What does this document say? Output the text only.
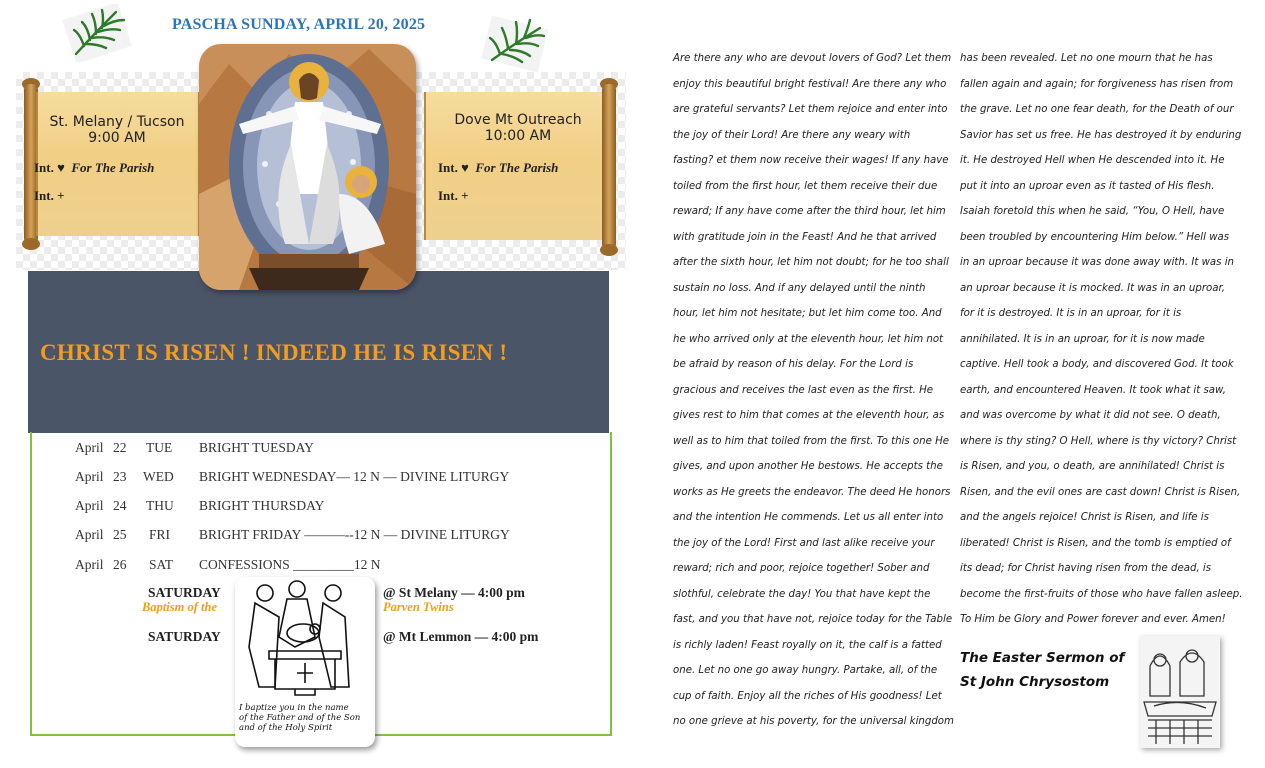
PASCHA SUNDAY, APRIL 20, 2025
St. Melany / Tucson
9:00 AM
Int. ♥ For The Parish
Int. +
Dove Mt Outreach
10:00 AM
Int. ♥ For The Parish
Int. +
CHRIST IS RISEN ! INDEED HE IS RISEN !
April 22 TUE BRIGHT TUESDAY
April 23 WED BRIGHT WEDNESDAY— 12 N — DIVINE LITURGY
April 24 THU BRIGHT THURSDAY
April 25 FRI BRIGHT FRIDAY ———--12 N — DIVINE LITURGY
April 26 SAT CONFESSIONS _________12 N
SATURDAY
Baptism of the
@ St Melany — 4:00 pm
Parven Twins
SATURDAY	@ Mt Lemmon — 4:00 pm
I baptize you in the name
of the Father and of the Son
and of the Holy Spirit
Are there any who are devout lovers of God? Let them
enjoy this beautiful bright festival! Are there any who
are grateful servants? Let them rejoice and enter into
the joy of their Lord! Are there any weary with
fasting? et them now receive their wages! If any have
toiled from the first hour, let them receive their due
reward; If any have come after the third hour, let him
with gratitude join in the Feast! And he that arrived
after the sixth hour, let him not doubt; for he too shall
sustain no loss. And if any delayed until the ninth
hour, let him not hesitate; but let him come too. And
he who arrived only at the eleventh hour, let him not
be afraid by reason of his delay. For the Lord is
gracious and receives the last even as the first. He
gives rest to him that comes at the eleventh hour, as
well as to him that toiled from the first. To this one He
gives, and upon another He bestows. He accepts the
works as He greets the endeavor. The deed He honors
and the intention He commends. Let us all enter into
the joy of the Lord! First and last alike receive your
reward; rich and poor, rejoice together! Sober and
slothful, celebrate the day! You that have kept the
fast, and you that have not, rejoice today for the Table
is richly laden! Feast royally on it, the calf is a fatted
one. Let no one go away hungry. Partake, all, of the
cup of faith. Enjoy all the riches of His goodness! Let
no one grieve at his poverty, for the universal kingdom
has been revealed. Let no one mourn that he has
fallen again and again; for forgiveness has risen from
the grave. Let no one fear death, for the Death of our
Savior has set us free. He has destroyed it by enduring
it. He destroyed Hell when He descended into it. He
put it into an uproar even as it tasted of His flesh.
Isaiah foretold this when he said, “You, O Hell, have
been troubled by encountering Him below.” Hell was
in an uproar because it was done away with. It was in
an uproar because it is mocked. It was in an uproar,
for it is destroyed. It is in an uproar, for it is
annihilated. It is in an uproar, for it is now made
captive. Hell took a body, and discovered God. It took
earth, and encountered Heaven. It took what it saw,
and was overcome by what it did not see. O death,
where is thy sting? O Hell, where is thy victory? Christ
is Risen, and you, o death, are annihilated! Christ is
Risen, and the evil ones are cast down! Christ is Risen,
and the angels rejoice! Christ is Risen, and life is
liberated! Christ is Risen, and the tomb is emptied of
its dead; for Christ having risen from the dead, is
become the first-fruits of those who have fallen asleep.
To Him be Glory and Power forever and ever. Amen!
The Easter Sermon of
St John Chrysostom
